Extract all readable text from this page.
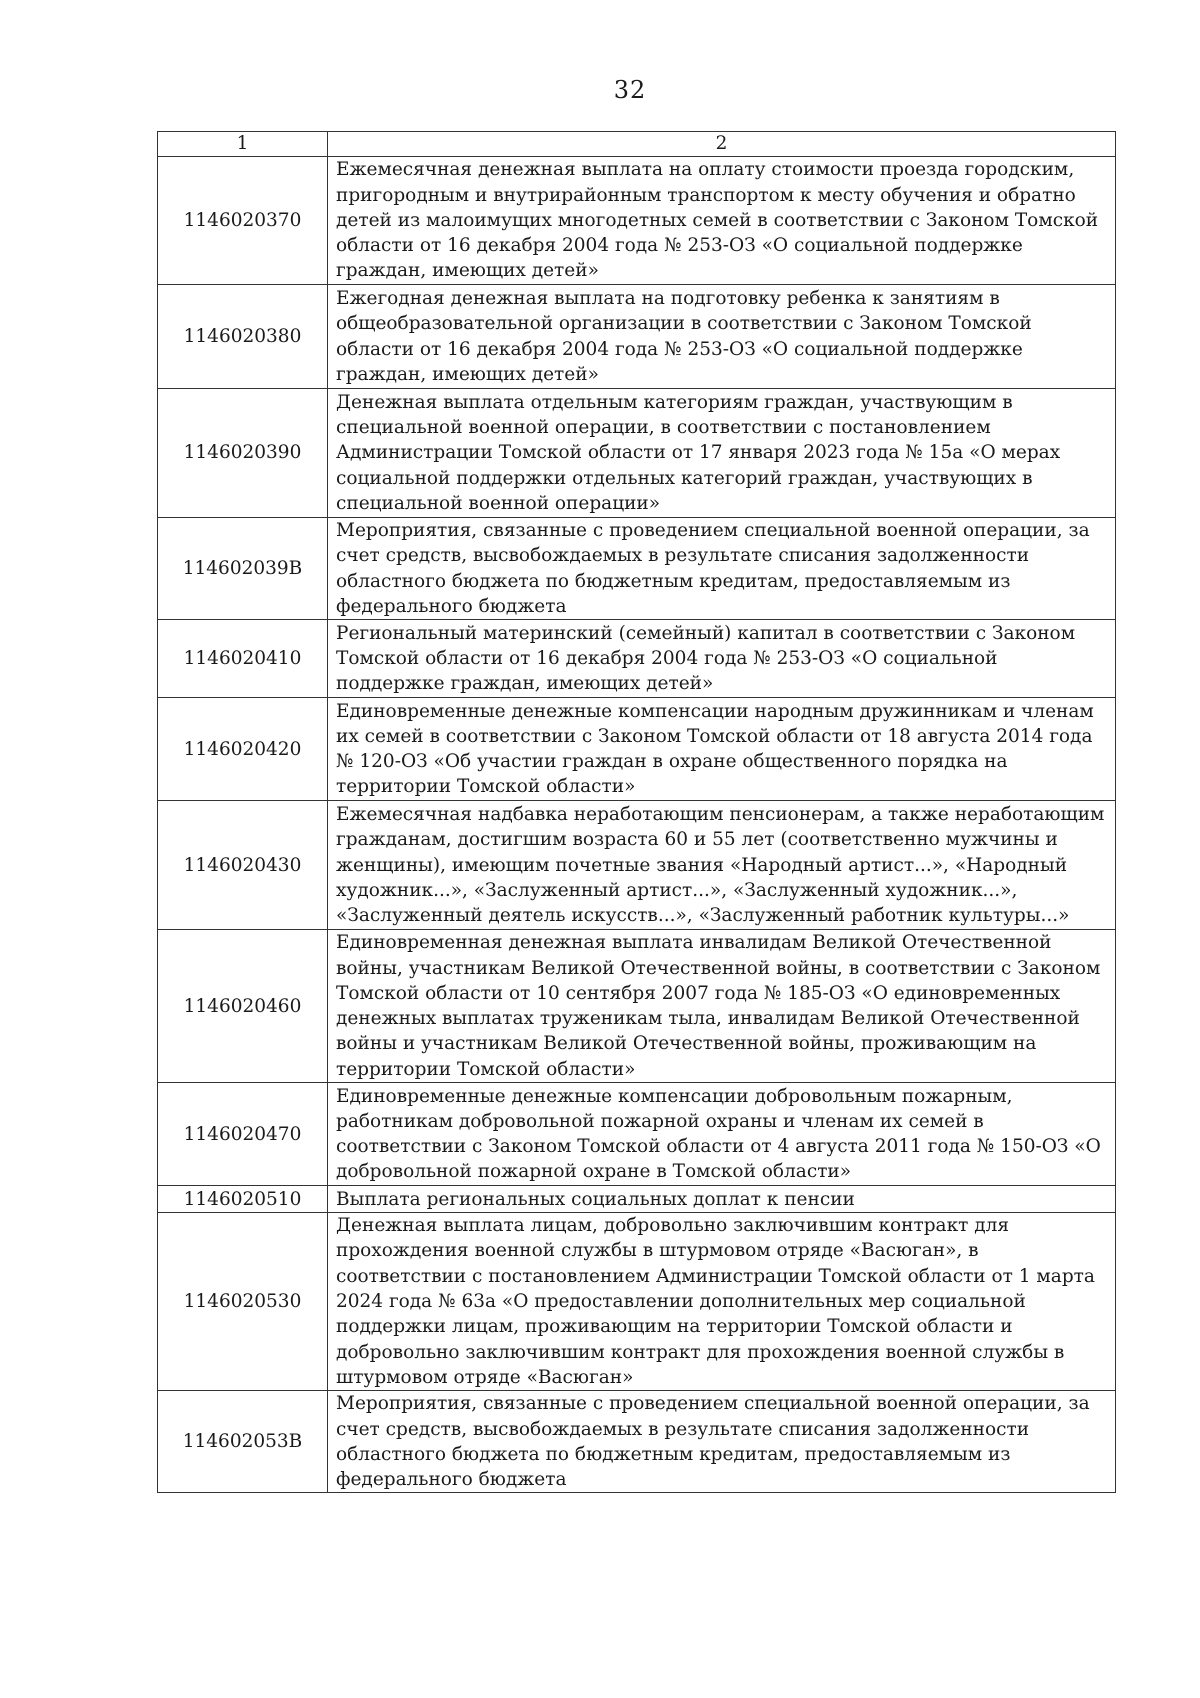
32
1	2
1146020370	Ежемесячная денежная выплата на оплату стоимости проезда городским, пригородным и внутрирайонным транспортом к месту обучения и обратно детей из малоимущих многодетных семей в соответствии с Законом Томской области от 16 декабря 2004 года № 253-ОЗ «О социальной поддержке граждан, имеющих детей»
1146020380	Ежегодная денежная выплата на подготовку ребенка к занятиям в общеобразовательной организации в соответствии с Законом Томской области от 16 декабря 2004 года № 253-ОЗ «О социальной поддержке граждан, имеющих детей»
1146020390	Денежная выплата отдельным категориям граждан, участвующим в специальной военной операции, в соответствии с постановлением Администрации Томской области от 17 января 2023 года № 15а «О мерах социальной поддержки отдельных категорий граждан, участвующих в специальной военной операции»
114602039В	Мероприятия, связанные с проведением специальной военной операции, за счет средств, высвобождаемых в результате списания задолженности областного бюджета по бюджетным кредитам, предоставляемым из федерального бюджета
1146020410	Региональный материнский (семейный) капитал в соответствии с Законом Томской области от 16 декабря 2004 года № 253-ОЗ «О социальной поддержке граждан, имеющих детей»
1146020420	Единовременные денежные компенсации народным дружинникам и членам их семей в соответствии с Законом Томской области от 18 августа 2014 года № 120-ОЗ «Об участии граждан в охране общественного порядка на территории Томской области»
1146020430	Ежемесячная надбавка неработающим пенсионерам, а также неработающим гражданам, достигшим возраста 60 и 55 лет (соответственно мужчины и женщины), имеющим почетные звания «Народный артист...», «Народный художник...», «Заслуженный артист...», «Заслуженный художник...», «Заслуженный деятель искусств...», «Заслуженный работник культуры...»
1146020460	Единовременная денежная выплата инвалидам Великой Отечественной войны, участникам Великой Отечественной войны, в соответствии с Законом Томской области от 10 сентября 2007 года № 185-ОЗ «О единовременных денежных выплатах труженикам тыла, инвалидам Великой Отечественной войны и участникам Великой Отечественной войны, проживающим на территории Томской области»
1146020470	Единовременные денежные компенсации добровольным пожарным, работникам добровольной пожарной охраны и членам их семей в соответствии с Законом Томской области от 4 августа 2011 года № 150-ОЗ «О добровольной пожарной охране в Томской области»
1146020510	Выплата региональных социальных доплат к пенсии
1146020530	Денежная выплата лицам, добровольно заключившим контракт для прохождения военной службы в штурмовом отряде «Васюган», в соответствии с постановлением Администрации Томской области от 1 марта 2024 года № 63а «О предоставлении дополнительных мер социальной поддержки лицам, проживающим на территории Томской области и добровольно заключившим контракт для прохождения военной службы в штурмовом отряде «Васюган»
114602053В	Мероприятия, связанные с проведением специальной военной операции, за счет средств, высвобождаемых в результате списания задолженности областного бюджета по бюджетным кредитам, предоставляемым из федерального бюджета
